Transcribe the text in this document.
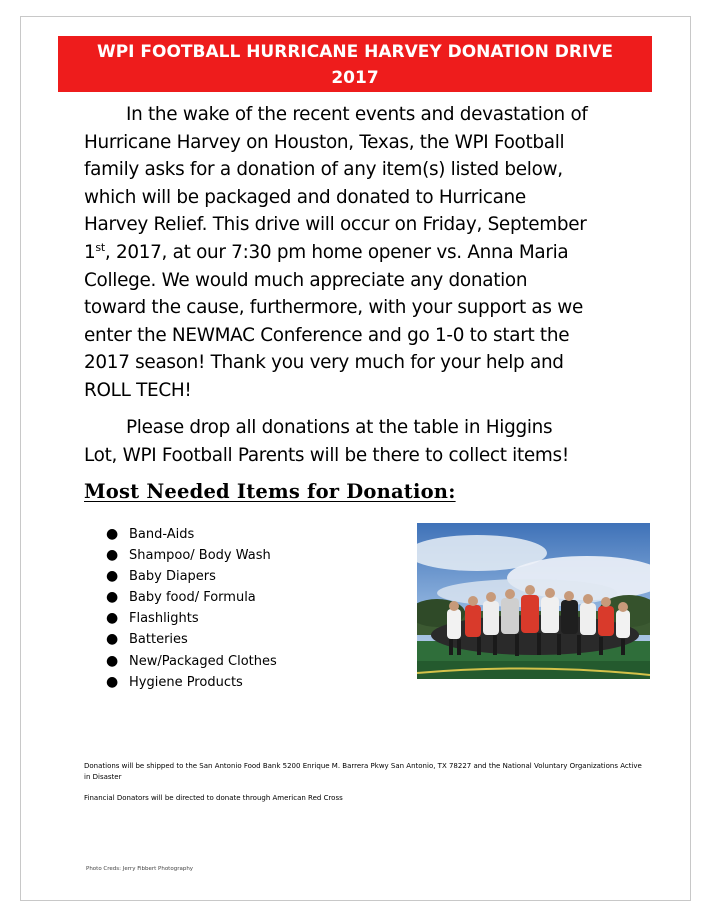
WPI FOOTBALL HURRICANE HARVEY DONATION DRIVE
2017
In the wake of the recent events and devastation of
Hurricane Harvey on Houston, Texas, the WPI Football
family asks for a donation of any item(s) listed below,
which will be packaged and donated to Hurricane
Harvey Relief. This drive will occur on Friday, September
1st, 2017, at our 7:30 pm home opener vs. Anna Maria
College. We would much appreciate any donation
toward the cause, furthermore, with your support as we
enter the NEWMAC Conference and go 1-0 to start the
2017 season! Thank you very much for your help and
ROLL TECH!
Please drop all donations at the table in Higgins
Lot, WPI Football Parents will be there to collect items!
Most Needed Items for Donation:
● Band-Aids
● Shampoo/ Body Wash
● Baby Diapers
● Baby food/ Formula
● Flashlights
● Batteries
● New/Packaged Clothes
● Hygiene Products
Donations will be shipped to the San Antonio Food Bank 5200 Enrique M. Barrera Pkwy San Antonio, TX 78227 and the National Voluntary Organizations Active in Disaster
Financial Donators will be directed to donate through American Red Cross
Photo Creds: Jerry Fibbert Photography
